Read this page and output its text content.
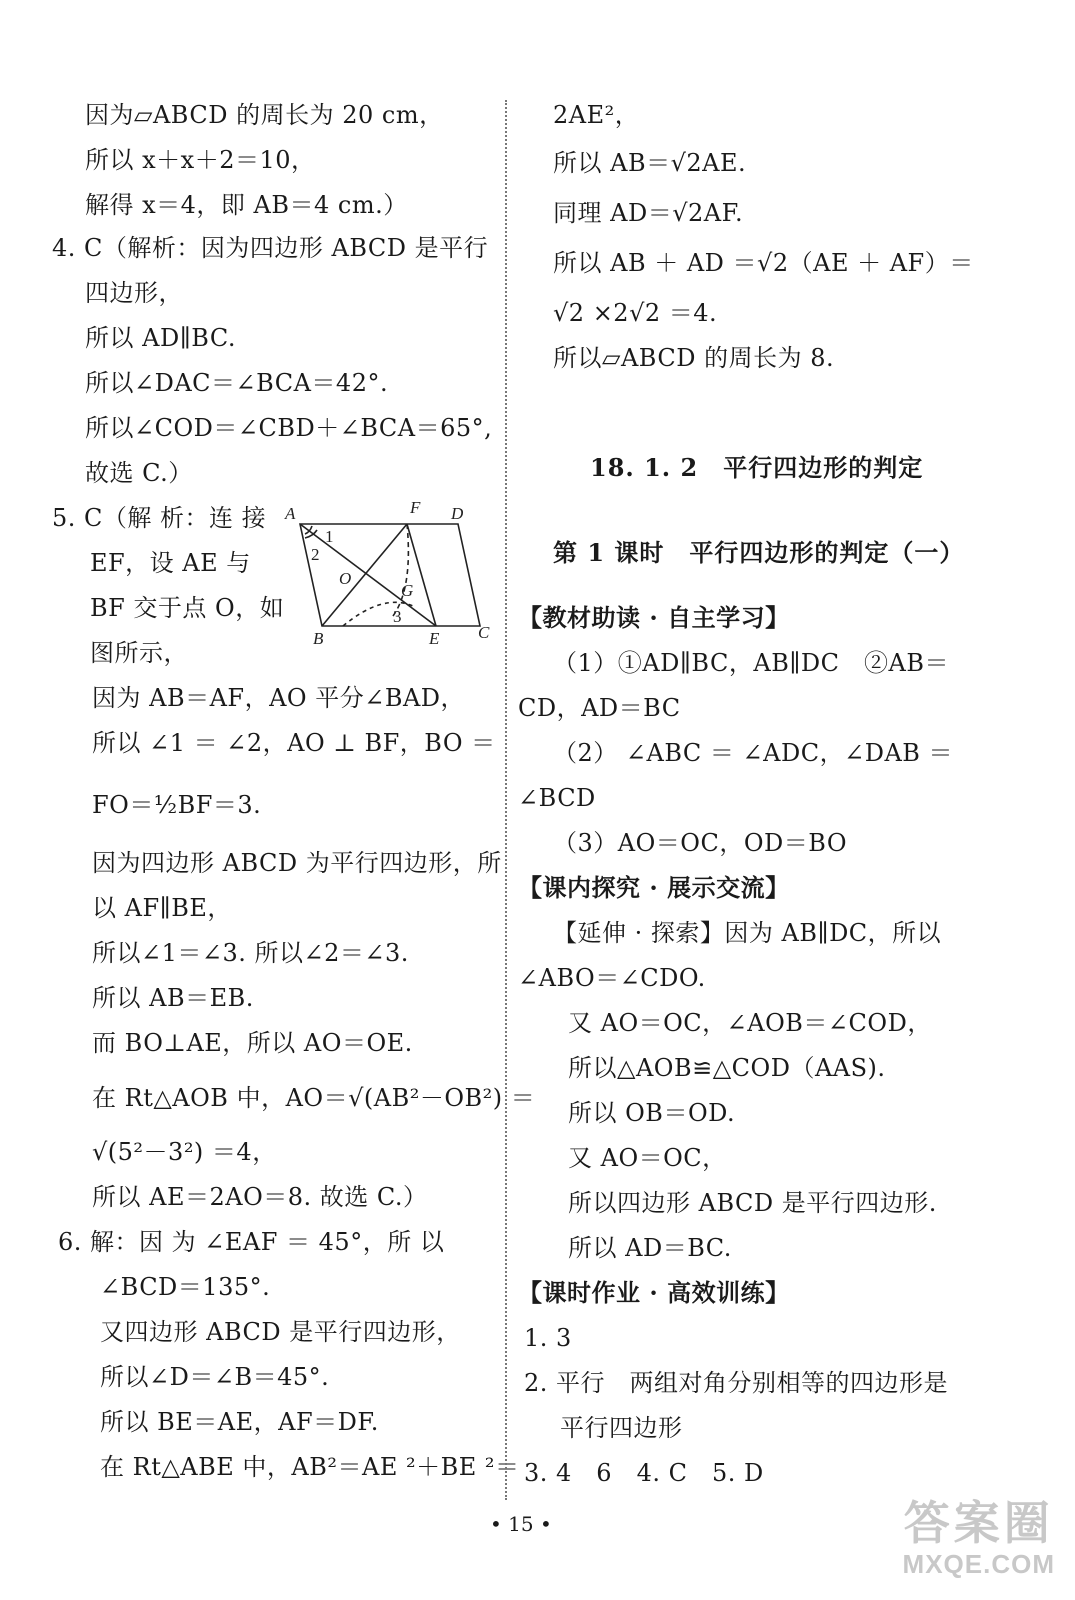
因为▱ABCD 的周长为 20 cm，
所以 x＋x＋2＝10，
解得 x＝4，即 AB＝4 cm.）
4. C（解析：因为四边形 ABCD 是平行
四边形，
所以 AD∥BC.
所以∠DAC＝∠BCA＝42°.
所以∠COD＝∠CBD＋∠BCA＝65°,
故选 C.）
5. C（解 析：连 接
EF，设 AE 与
BF 交于点 O，如
图所示，
因为 AB＝AF，AO 平分∠BAD，
所以 ∠1 ＝ ∠2，AO ⊥ BF，BO ＝
FO＝½BF＝3.
因为四边形 ABCD 为平行四边形，所
以 AF∥BE，
所以∠1＝∠3. 所以∠2＝∠3.
所以 AB＝EB.
而 BO⊥AE，所以 AO＝OE.
在 Rt△AOB 中，AO＝√(AB²－OB²) ＝
√(5²－3²) ＝4，
所以 AE＝2AO＝8. 故选 C.）
6. 解：因 为 ∠EAF ＝ 45°，所 以
∠BCD＝135°.
又四边形 ABCD 是平行四边形，
所以∠D＝∠B＝45°.
所以 BE＝AE，AF＝DF.
在 Rt△ABE 中，AB²＝AE ²＋BE ²＝
2AE²，
所以 AB＝√2AE.
同理 AD＝√2AF.
所以 AB ＋ AD ＝√2（AE ＋ AF）＝
√2 ×2√2 ＝4.
所以▱ABCD 的周长为 8.
18. 1. 2　平行四边形的判定
第 1 课时　平行四边形的判定（一）
【教材助读 · 自主学习】
（1）①AD∥BC，AB∥DC　②AB＝
CD，AD＝BC
（2） ∠ABC ＝ ∠ADC，∠DAB ＝
∠BCD
（3）AO＝OC，OD＝BO
【课内探究 · 展示交流】
【延伸 · 探索】因为 AB∥DC，所以
∠ABO＝∠CDO.
又 AO＝OC，∠AOB＝∠COD，
所以△AOB≌△COD（AAS).
所以 OB＝OD.
又 AO＝OC，
所以四边形 ABCD 是平行四边形.
所以 AD＝BC.
【课时作业 · 高效训练】
1. 3
2. 平行　两组对角分别相等的四边形是
平行四边形
3. 4　6　4. C　5. D
A	F D
B	E C
O
G
1
2
3
• 15 •	答案圈
MXQE.COM
